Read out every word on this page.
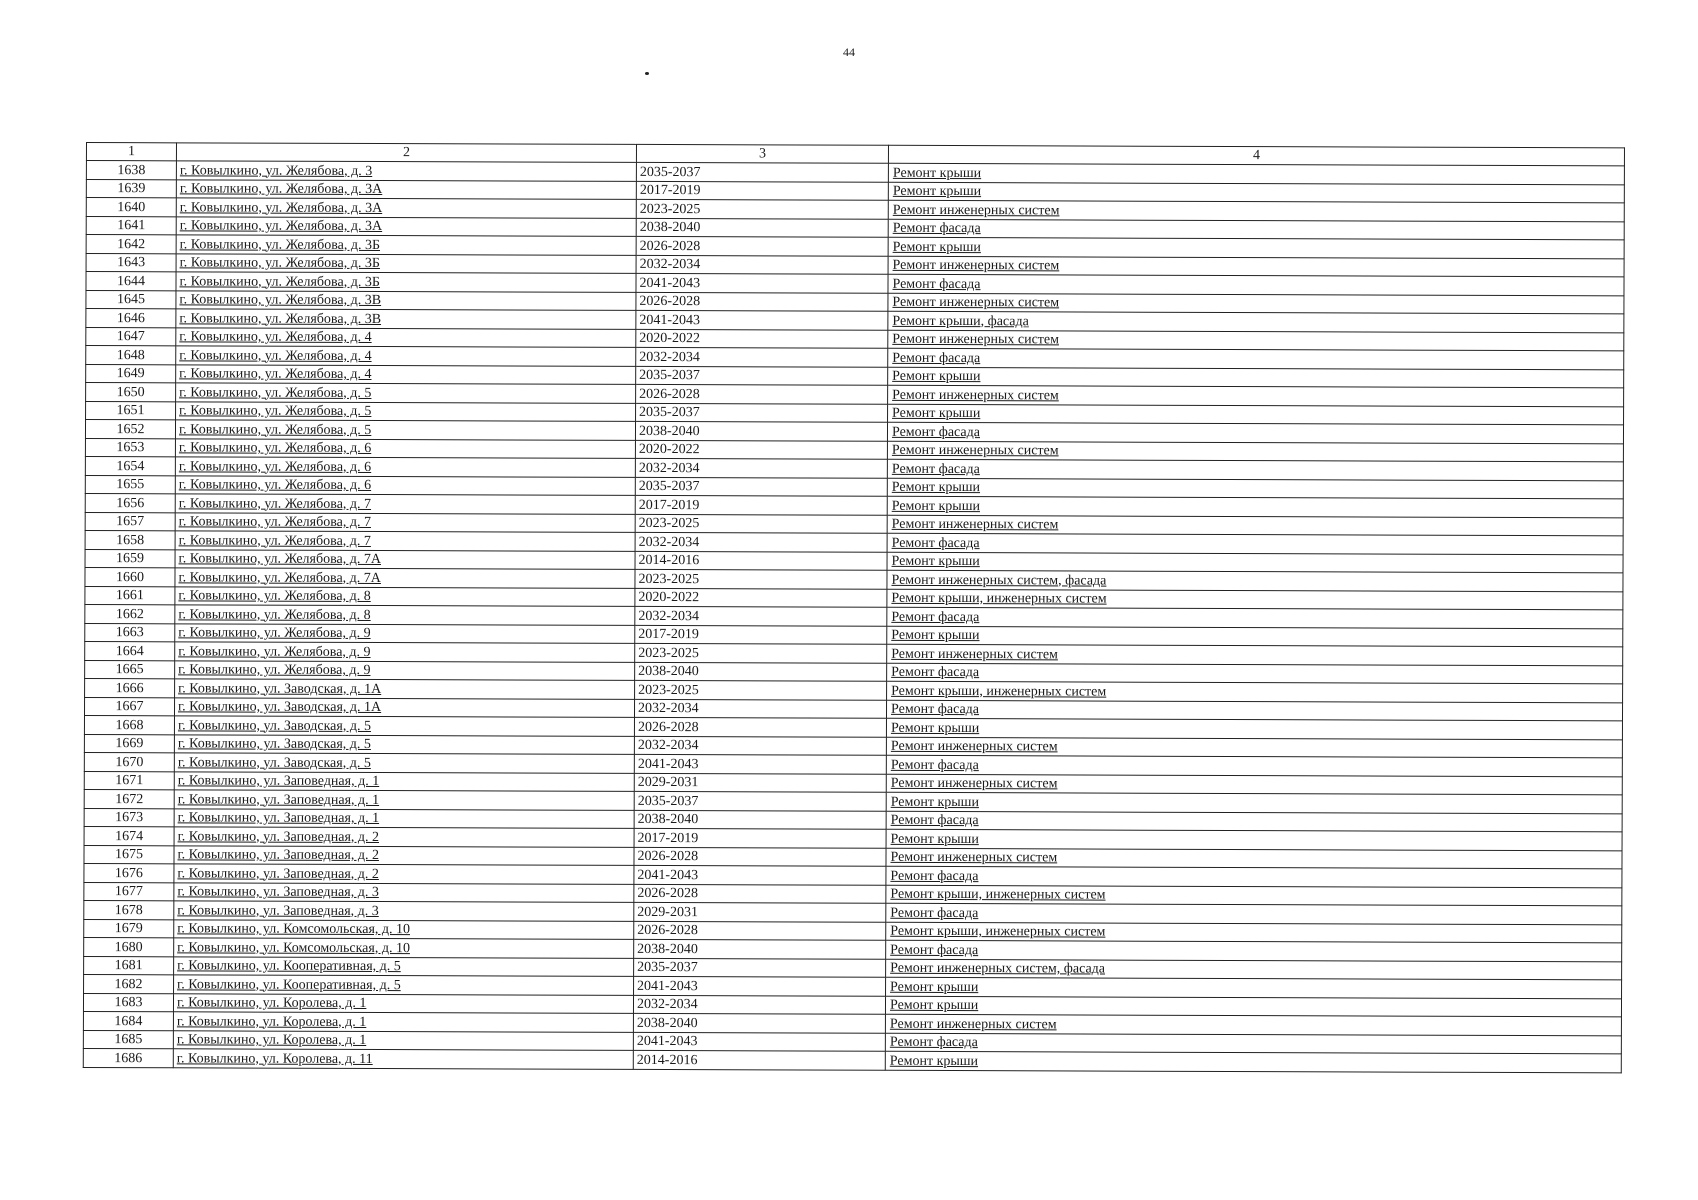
44
1	2	3	4
1638	г. Ковылкино, ул. Желябова, д. 3	2035-2037	Ремонт крыши
1639	г. Ковылкино, ул. Желябова, д. 3А	2017-2019	Ремонт крыши
1640	г. Ковылкино, ул. Желябова, д. 3А	2023-2025	Ремонт инженерных систем
1641	г. Ковылкино, ул. Желябова, д. 3А	2038-2040	Ремонт фасада
1642	г. Ковылкино, ул. Желябова, д. 3Б	2026-2028	Ремонт крыши
1643	г. Ковылкино, ул. Желябова, д. 3Б	2032-2034	Ремонт инженерных систем
1644	г. Ковылкино, ул. Желябова, д. 3Б	2041-2043	Ремонт фасада
1645	г. Ковылкино, ул. Желябова, д. 3В	2026-2028	Ремонт инженерных систем
1646	г. Ковылкино, ул. Желябова, д. 3В	2041-2043	Ремонт крыши, фасада
1647	г. Ковылкино, ул. Желябова, д. 4	2020-2022	Ремонт инженерных систем
1648	г. Ковылкино, ул. Желябова, д. 4	2032-2034	Ремонт фасада
1649	г. Ковылкино, ул. Желябова, д. 4	2035-2037	Ремонт крыши
1650	г. Ковылкино, ул. Желябова, д. 5	2026-2028	Ремонт инженерных систем
1651	г. Ковылкино, ул. Желябова, д. 5	2035-2037	Ремонт крыши
1652	г. Ковылкино, ул. Желябова, д. 5	2038-2040	Ремонт фасада
1653	г. Ковылкино, ул. Желябова, д. 6	2020-2022	Ремонт инженерных систем
1654	г. Ковылкино, ул. Желябова, д. 6	2032-2034	Ремонт фасада
1655	г. Ковылкино, ул. Желябова, д. 6	2035-2037	Ремонт крыши
1656	г. Ковылкино, ул. Желябова, д. 7	2017-2019	Ремонт крыши
1657	г. Ковылкино, ул. Желябова, д. 7	2023-2025	Ремонт инженерных систем
1658	г. Ковылкино, ул. Желябова, д. 7	2032-2034	Ремонт фасада
1659	г. Ковылкино, ул. Желябова, д. 7А	2014-2016	Ремонт крыши
1660	г. Ковылкино, ул. Желябова, д. 7А	2023-2025	Ремонт инженерных систем, фасада
1661	г. Ковылкино, ул. Желябова, д. 8	2020-2022	Ремонт крыши, инженерных систем
1662	г. Ковылкино, ул. Желябова, д. 8	2032-2034	Ремонт фасада
1663	г. Ковылкино, ул. Желябова, д. 9	2017-2019	Ремонт крыши
1664	г. Ковылкино, ул. Желябова, д. 9	2023-2025	Ремонт инженерных систем
1665	г. Ковылкино, ул. Желябова, д. 9	2038-2040	Ремонт фасада
1666	г. Ковылкино, ул. Заводская, д. 1А	2023-2025	Ремонт крыши, инженерных систем
1667	г. Ковылкино, ул. Заводская, д. 1А	2032-2034	Ремонт фасада
1668	г. Ковылкино, ул. Заводская, д. 5	2026-2028	Ремонт крыши
1669	г. Ковылкино, ул. Заводская, д. 5	2032-2034	Ремонт инженерных систем
1670	г. Ковылкино, ул. Заводская, д. 5	2041-2043	Ремонт фасада
1671	г. Ковылкино, ул. Заповедная, д. 1	2029-2031	Ремонт инженерных систем
1672	г. Ковылкино, ул. Заповедная, д. 1	2035-2037	Ремонт крыши
1673	г. Ковылкино, ул. Заповедная, д. 1	2038-2040	Ремонт фасада
1674	г. Ковылкино, ул. Заповедная, д. 2	2017-2019	Ремонт крыши
1675	г. Ковылкино, ул. Заповедная, д. 2	2026-2028	Ремонт инженерных систем
1676	г. Ковылкино, ул. Заповедная, д. 2	2041-2043	Ремонт фасада
1677	г. Ковылкино, ул. Заповедная, д. 3	2026-2028	Ремонт крыши, инженерных систем
1678	г. Ковылкино, ул. Заповедная, д. 3	2029-2031	Ремонт фасада
1679	г. Ковылкино, ул. Комсомольская, д. 10	2026-2028	Ремонт крыши, инженерных систем
1680	г. Ковылкино, ул. Комсомольская, д. 10	2038-2040	Ремонт фасада
1681	г. Ковылкино, ул. Кооперативная, д. 5	2035-2037	Ремонт инженерных систем, фасада
1682	г. Ковылкино, ул. Кооперативная, д. 5	2041-2043	Ремонт крыши
1683	г. Ковылкино, ул. Королева, д. 1	2032-2034	Ремонт крыши
1684	г. Ковылкино, ул. Королева, д. 1	2038-2040	Ремонт инженерных систем
1685	г. Ковылкино, ул. Королева, д. 1	2041-2043	Ремонт фасада
1686	г. Ковылкино, ул. Королева, д. 11	2014-2016	Ремонт крыши
